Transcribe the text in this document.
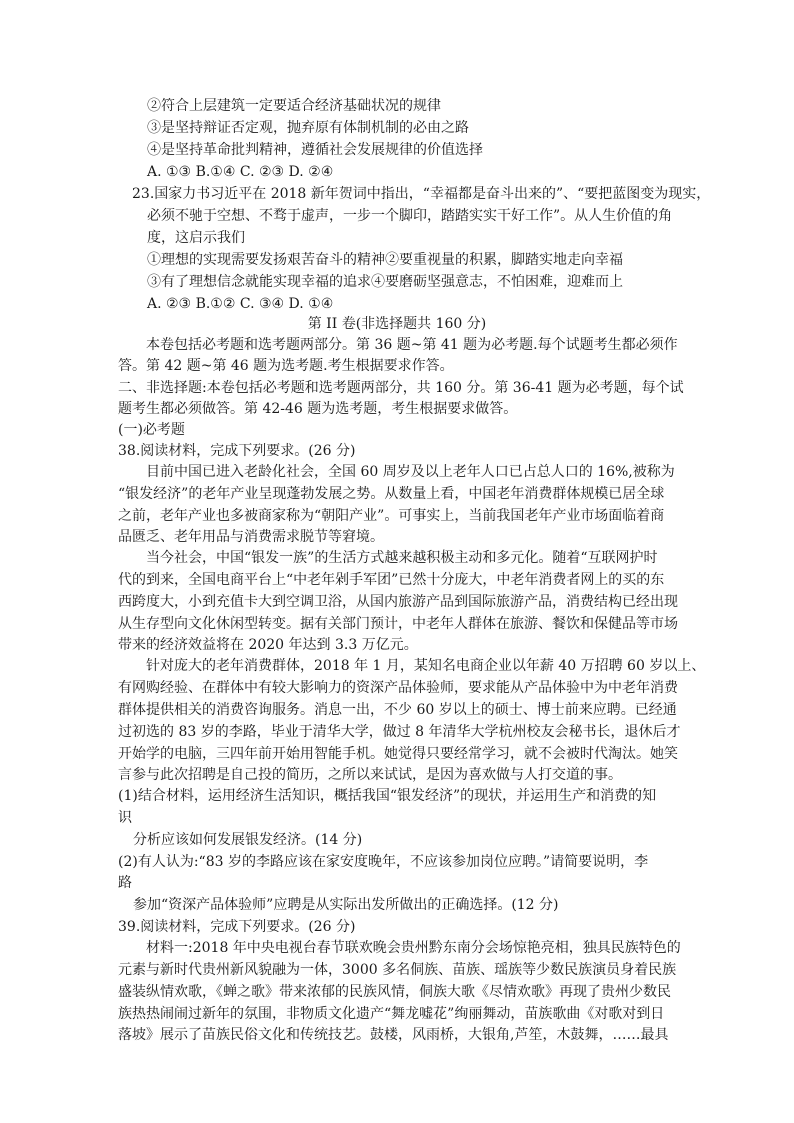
②符合上层建筑一定要适合经济基础状况的规律
③是坚持辩证否定观，抛弃原有体制机制的必由之路
④是坚持革命批判精神，遵循社会发展规律的价值选择
A. ①③ B.①④ C. ②③ D. ②④
23.国家力书习近平在 2018 新年贺词中指出，“幸福都是奋斗出来的”、“要把蓝图变为现实，
必须不驰于空想、不骛于虚声，一步一个脚印，踏踏实实干好工作”。从人生价值的角
度，这启示我们
①理想的实现需要发扬艰苦奋斗的精神②要重视量的积累，脚踏实地走向幸福
③有了理想信念就能实现幸福的追求④要磨砺坚强意志，不怕困难，迎难而上
A. ②③ B.①② C. ③④ D. ①④
第 II 卷(非选择题共 160 分)
本卷包括必考题和选考题两部分。第 36 题~第 41 题为必考题.每个试题考生都必须作
答。第 42 题~第 46 题为选考题.考生根据要求作答。
二、非选择题:本卷包括必考题和选考题两部分，共 160 分。第 36-41 题为必考题，每个试
题考生都必须做答。第 42-46 题为选考题，考生根据要求做答。
(一)必考题
38.阅读材料，完成下列要求。(26 分)
目前中国已进入老龄化社会，全国 60 周岁及以上老年人口已占总人口的 16%,被称为
“银发经济”的老年产业呈现蓬勃发展之势。从数量上看，中国老年消费群体规模已居全球
之前，老年产业也多被商家称为“朝阳产业”。可事实上，当前我国老年产业市场面临着商
品匮乏、老年用品与消费需求脱节等窘境。
当今社会，中国“银发一族”的生活方式越来越积极主动和多元化。随着“互联网护时
代的到来，全国电商平台上“中老年剁手军团”已然十分庞大，中老年消费者网上的买的东
西跨度大，小到充值卡大到空调卫浴，从国内旅游产品到国际旅游产品，消费结构已经出现
从生存型向文化休闲型转变。据有关部门预计，中老年人群体在旅游、餐饮和保健品等市场
带来的经济效益将在 2020 年达到 3.3 万亿元。
针对庞大的老年消费群体，2018 年 1 月，某知名电商企业以年薪 40 万招聘 60 岁以上、
有网购经验、在群体中有较大影响力的资深产品体验师，要求能从产品体验中为中老年消费
群体提供相关的消费咨询服务。消息一出，不少 60 岁以上的硕士、博士前来应聘。已经通
过初选的 83 岁的李路，毕业于清华大学，做过 8 年清华大学杭州校友会秘书长，退休后才
开始学的电脑，三四年前开始用智能手机。她觉得只要经常学习，就不会被时代淘汰。她笑
言参与此次招聘是自己投的简历，之所以来试试，是因为喜欢做与人打交道的事。
(1)结合材料，运用经济生活知识，概括我国“银发经济”的现状，并运用生产和消费的知
识
分析应该如何发展银发经济。(14 分)
(2)有人认为:“83 岁的李路应该在家安度晚年，不应该参加岗位应聘。”请简要说明，李
路
参加“资深产品体验师”应聘是从实际出发所做出的正确选择。(12 分)
39.阅读材料，完成下列要求。(26 分)
材料一:2018 年中央电视台春节联欢晚会贵州黔东南分会场惊艳亮相，独具民族特色的
元素与新时代贵州新风貌融为一体，3000 多名侗族、苗族、瑶族等少数民族演员身着民族
盛装纵情欢歌，《蝉之歌》带来浓郁的民族风情，侗族大歌《尽情欢歌》再现了贵州少数民
族热热闹闹过新年的氛围，非物质文化遗产“舞龙嘘花”绚丽舞动，苗族歌曲《对歌对到日
落坡》展示了苗族民俗文化和传统技艺。鼓楼，风雨桥，大银角,芦笙，木鼓舞，……最具
